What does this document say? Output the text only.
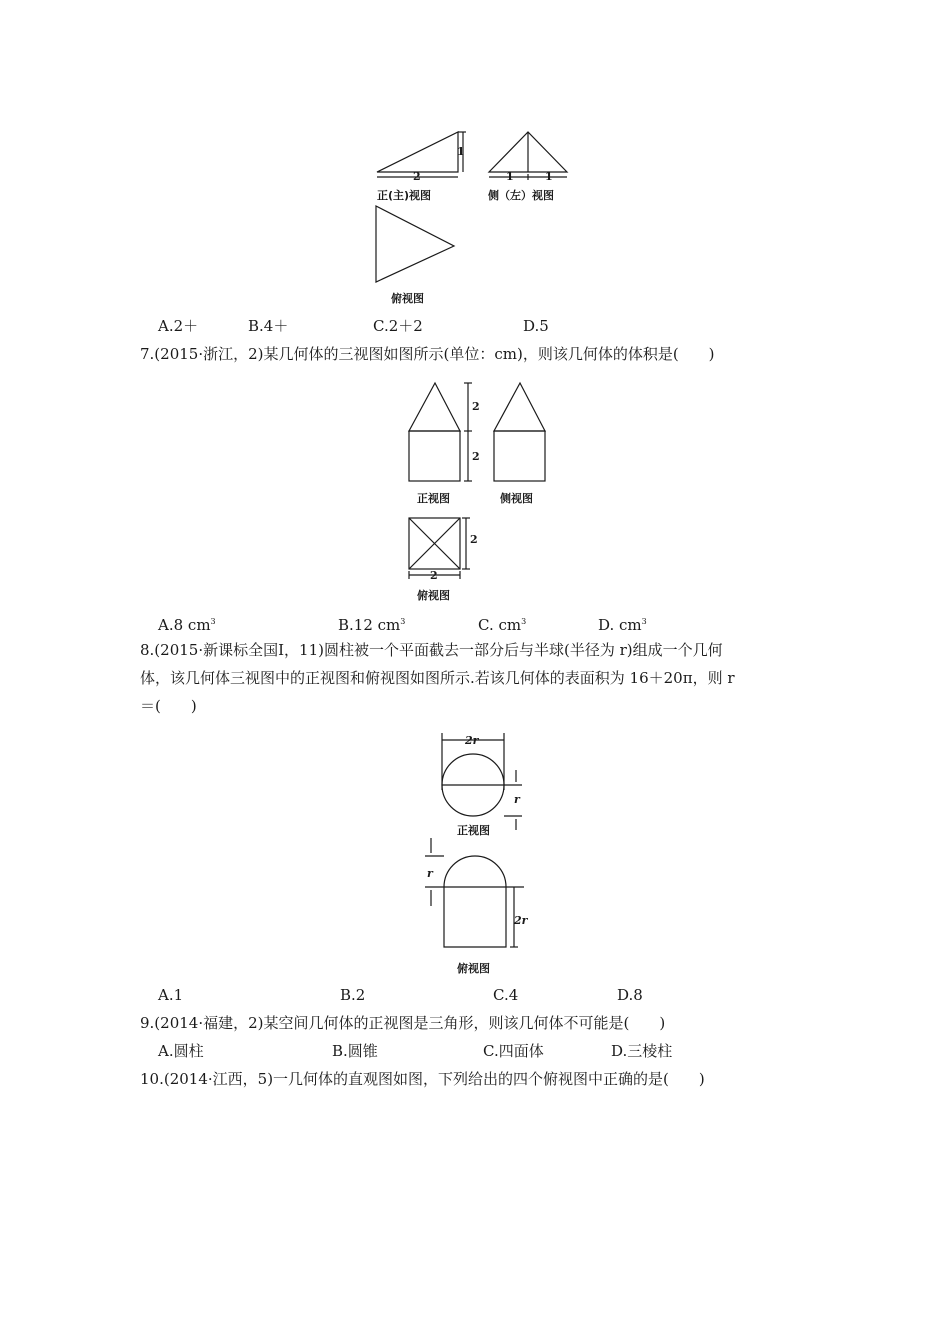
1
2
正(主)视图
1	1
侧（左）视图
俯视图
A.2＋	B.4＋	C.2＋2	D.5
7.(2015·浙江，2)某几何体的三视图如图所示(单位：cm)，则该几何体的体积是(　　)
2
2
正视图	侧视图
2
2
俯视图
A.8 $cm^3$	B.12 $cm^3$	C. $cm^3$	D. $cm^3$
8.(2015·新课标全国Ⅰ，11)圆柱被一个平面截去一部分后与半球(半径为 r)组成一个几何
体，该几何体三视图中的正视图和俯视图如图所示.若该几何体的表面积为 16＋20π，则 r
＝(　　)
2r
r
正视图
r
2r
俯视图
A.1	B.2	C.4	D.8
9.(2014·福建，2)某空间几何体的正视图是三角形，则该几何体不可能是(　　)
A.圆柱	B.圆锥	C.四面体	D.三棱柱
10.(2014·江西，5)一几何体的直观图如图，下列给出的四个俯视图中正确的是(　　)
